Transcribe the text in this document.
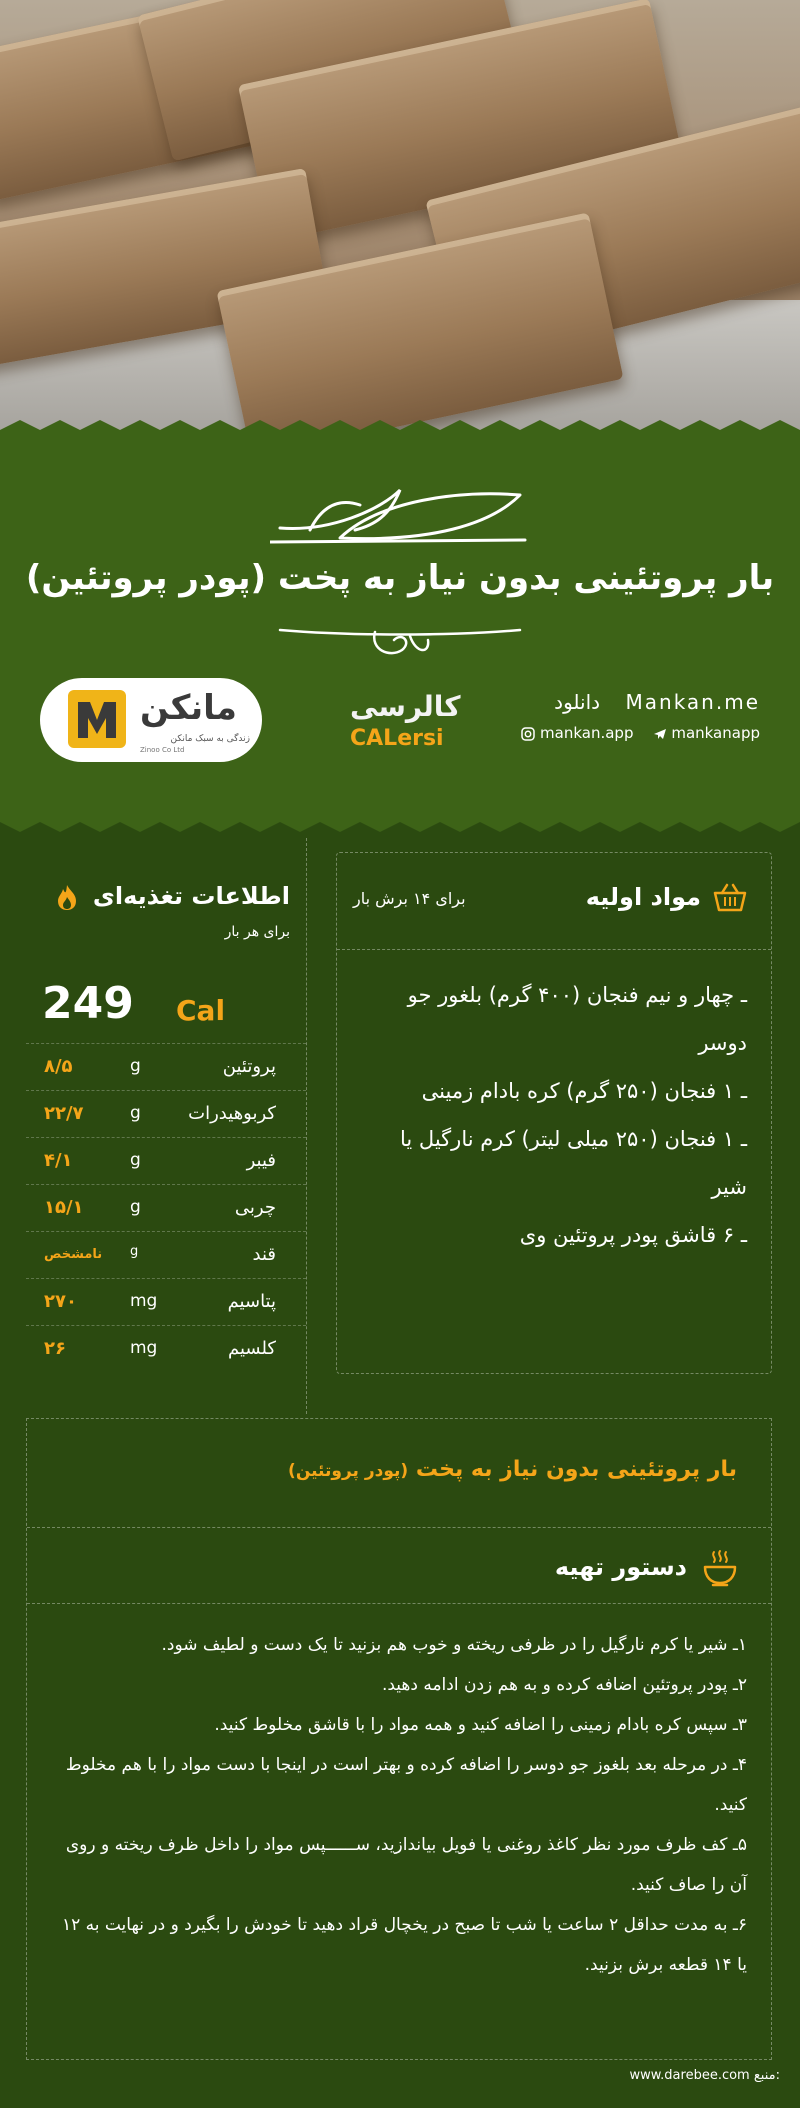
بار پروتئینی بدون نیاز به پخت (پودر پروتئین)
مانکن
زندگی به سبک مانکن
Zinoo Co Ltd
کالرسی
CALersi
دانلود Mankan.me
mankan.app	mankanapp
اطلاعات تغذیه‌ای
برای هر بار
249 Cal
پروتئین
g
۸/۵
کربوهیدرات
g
۲۲/۷
فیبر
g
۴/۱
چربی
g
۱۵/۱
قند
g
نامشخص
پتاسیم
mg
۲۷۰
کلسیم
mg
۲۶
مواد اولیه
برای ۱۴ برش بار
ـ چهار و نیم فنجان (۴۰۰ گرم) بلغور جو دوسر
ـ ۱ فنجان (۲۵۰ گرم) کره بادام زمینی
ـ ۱ فنجان (۲۵۰ میلی لیتر) کرم نارگیل یا شیر
ـ ۶ قاشق پودر پروتئین وی
بار پروتئینی بدون نیاز به پخت (پودر پروتئین)
دستور تهیه
۱ـ شیر یا کرم نارگیل را در ظرفی ریخته و خوب هم بزنید تا یک دست و لطیف شود.
۲ـ پودر پروتئین اضافه کرده و به هم زدن ادامه دهید.
۳ـ سپس کره بادام زمینی را اضافه کنید و همه مواد را با قاشق مخلوط کنید.
۴ـ در مرحله بعد بلغوز جو دوسر را اضافه کرده و بهتر است در اینجا با دست مواد را با هم مخلوط کنید.
۵ـ کف ظرف مورد نظر کاغذ روغنی یا فویل بیاندازید، ســــــپس مواد را داخل ظرف ریخته و روی آن را صاف کنید.
۶ـ به مدت حداقل ۲ ساعت یا شب تا صبح در یخچال قراد دهید تا خودش را بگیرد و در نهایت به ۱۲ یا ۱۴ قطعه برش بزنید.
منبع: www.darebee.com
